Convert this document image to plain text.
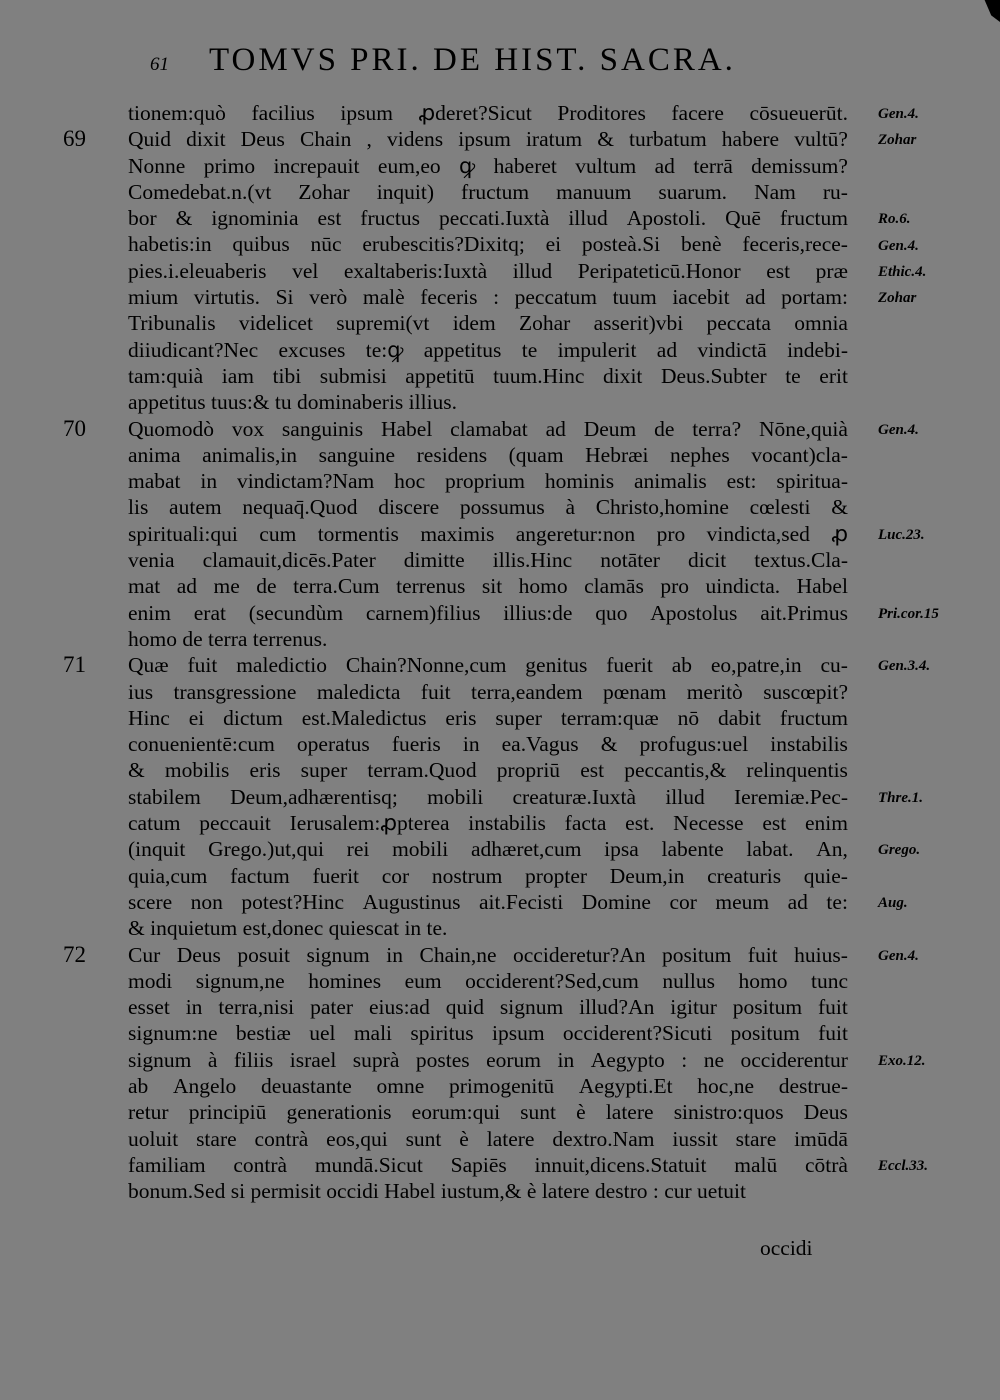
61 TOMVS PRI. DE HIST. SACRA.
tionem:quò facilius ipsum ꝓderet?Sicut Proditores facere cōsueuerūt.
69 Quid dixit Deus Chain , videns ipsum iratum & turbatum habere vultū?
Nonne primo increpauit eum,eo ꝙ haberet vultum ad terrā demissum?
Comedebat.n.(vt Zohar inquit) fructum manuum suarum. Nam ru-
bor & ignominia est fructus peccati.Iuxtà illud Apostoli. Quē fructum
habetis:in quibus nūc erubescitis?Dixitq; ei posteà.Si benè feceris,rece-
pies.i.eleuaberis vel exaltaberis:Iuxtà illud Peripateticū.Honor est præ
mium virtutis. Si verò malè feceris : peccatum tuum iacebit ad portam:
Tribunalis videlicet supremi(vt idem Zohar asserit)vbi peccata omnia
diiudicant?Nec excuses te:ꝙ appetitus te impulerit ad vindictā indebi-
tam:quià iam tibi submisi appetitū tuum.Hinc dixit Deus.Subter te erit
appetitus tuus:& tu dominaberis illius.
70 Quomodò vox sanguinis Habel clamabat ad Deum de terra? Nōne,quià
anima animalis,in sanguine residens (quam Hebræi nephes vocant)cla-
mabat in vindictam?Nam hoc proprium hominis animalis est: spiritua-
lis autem nequaq̄.Quod discere possumus à Christo,homine cœlesti &
spirituali:qui cum tormentis maximis angeretur:non pro vindicta,sed ꝓ
venia clamauit,dicēs.Pater dimitte illis.Hinc notāter dicit textus.Cla-
mat ad me de terra.Cum terrenus sit homo clamās pro uindicta. Habel
enim erat (secundùm carnem)filius illius:de quo Apostolus ait.Primus
homo de terra terrenus.
71 Quæ fuit maledictio Chain?Nonne,cum genitus fuerit ab eo,patre,in cu-
ius transgressione maledicta fuit terra,eandem pœnam meritò suscœpit?
Hinc ei dictum est.Maledictus eris super terram:quæ nō dabit fructum
conuenientē:cum operatus fueris in ea.Vagus & profugus:uel instabilis
& mobilis eris super terram.Quod propriū est peccantis,& relinquentis
stabilem Deum,adhærentisq; mobili creaturæ.Iuxtà illud Ieremiæ.Pec-
catum peccauit Ierusalem:ꝓpterea instabilis facta est. Necesse est enim
(inquit Grego.)ut,qui rei mobili adhæret,cum ipsa labente labat. An,
quia,cum factum fuerit cor nostrum propter Deum,in creaturis quie-
scere non potest?Hinc Augustinus ait.Fecisti Domine cor meum ad te:
& inquietum est,donec quiescat in te.
72 Cur Deus posuit signum in Chain,ne occideretur?An positum fuit huius-
modi signum,ne homines eum occiderent?Sed,cum nullus homo tunc
esset in terra,nisi pater eius:ad quid signum illud?An igitur positum fuit
signum:ne bestiæ uel mali spiritus ipsum occiderent?Sicuti positum fuit
signum à filiis israel suprà postes eorum in Aegypto : ne occiderentur
ab Angelo deuastante omne primogenitū Aegypti.Et hoc,ne destrue-
retur principiū generationis eorum:qui sunt è latere sinistro:quos Deus
uoluit stare contrà eos,qui sunt è latere dextro.Nam iussit stare imūdā
familiam contrà mundā.Sicut Sapiēs innuit,dicens.Statuit malū cōtrà
bonum.Sed si permisit occidi Habel iustum,& è latere destro : cur uetuit
Gen.4.
Zohar
Ro.6.
Gen.4.
Ethic.4.
Zohar
Gen.4.
Luc.23.
Pri.cor.15
Gen.3.4.
Thre.1.
Grego.
Aug.
Gen.4.
Exo.12.
Eccl.33.
occidi
